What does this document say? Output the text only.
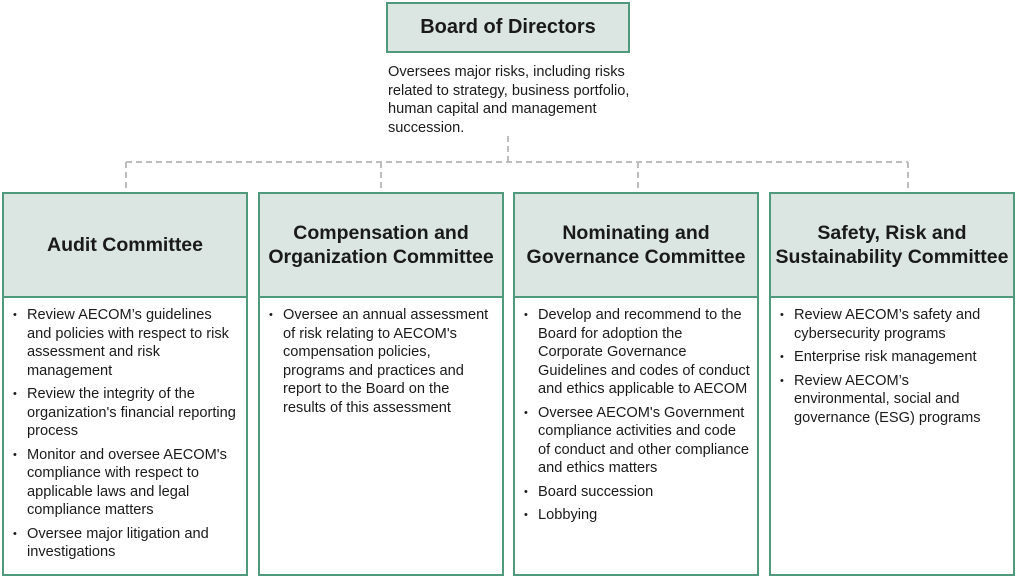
Board of Directors
Oversees major risks, including risks related to strategy, business portfolio, human capital and management succession.
Audit Committee
• Review AECOM’s guidelines and policies with respect to risk assessment and risk management
• Review the integrity of the organization's financial reporting process
• Monitor and oversee AECOM's compliance with respect to applicable laws and legal compliance matters
• Oversee major litigation and investigations
Compensation and Organization Committee
• Oversee an annual assessment of risk relating to AECOM's compensation policies, programs and practices and report to the Board on the results of this assessment
Nominating and Governance Committee
• Develop and recommend to the Board for adoption the Corporate Governance Guidelines and codes of conduct and ethics applicable to AECOM
• Oversee AECOM's Government compliance activities and code of conduct and other compliance and ethics matters
• Board succession
• Lobbying
Safety, Risk and Sustainability Committee
• Review AECOM’s safety and cybersecurity programs
• Enterprise risk management
• Review AECOM’s environmental, social and governance (ESG) programs
